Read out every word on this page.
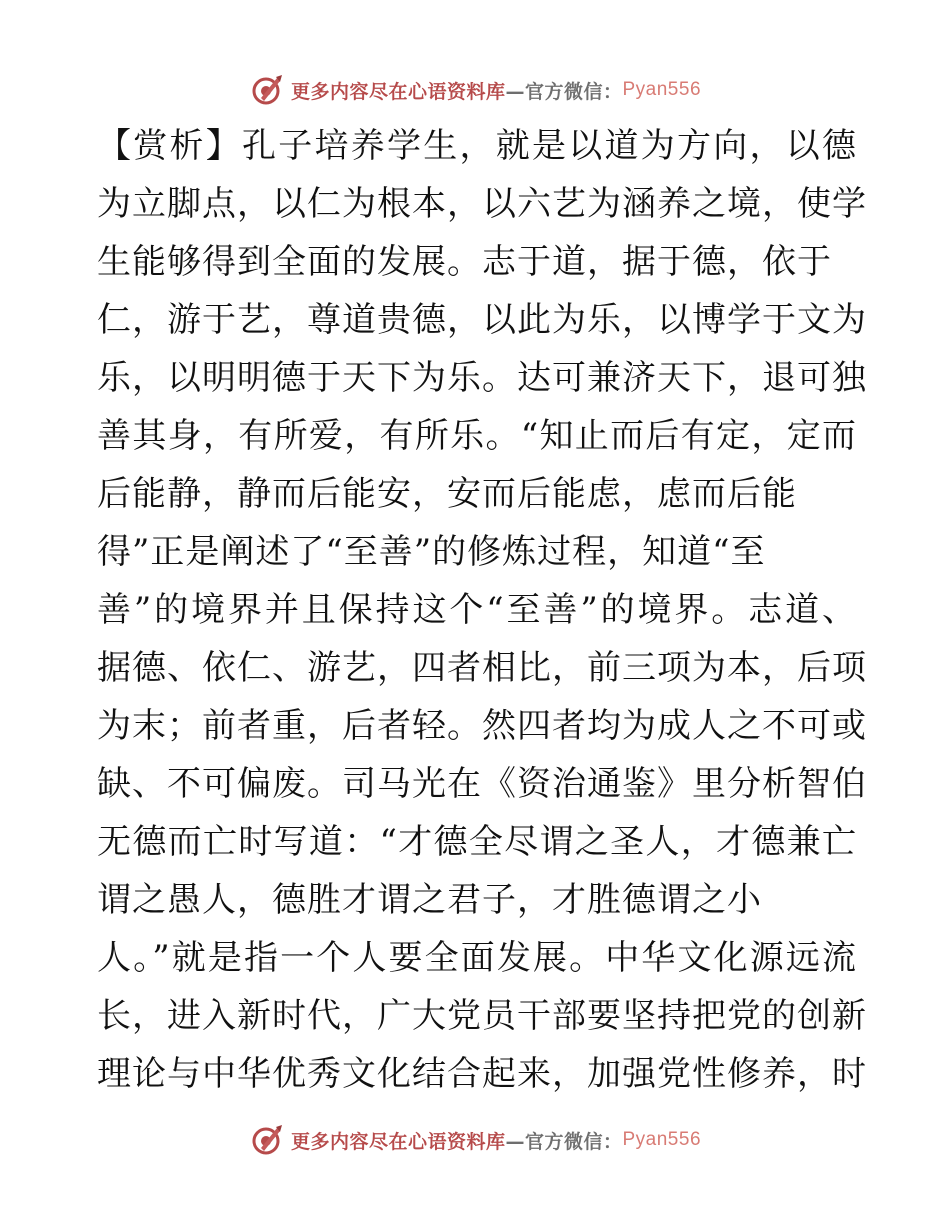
更多内容尽在心语资料库 —官方微信： Pyan556
【赏析】孔子培养学生，就是以道为方向，以德
为立脚点，以仁为根本，以六艺为涵养之境，使学
生能够得到全面的发展。志于道，据于德，依于
仁，游于艺，尊道贵德，以此为乐，以博学于文为
乐，以明明德于天下为乐。达可兼济天下，退可独
善其身，有所爱，有所乐。“知止而后有定，定而
后能静，静而后能安，安而后能虑，虑而后能
得”正是阐述了“至善”的修炼过程，知道“至
善”的境界并且保持这个“至善”的境界。志道、
据德、依仁、游艺，四者相比，前三项为本，后项
为末；前者重，后者轻。然四者均为成人之不可或
缺、不可偏废。司马光在《资治通鉴》里分析智伯
无德而亡时写道：“才德全尽谓之圣人，才德兼亡
谓之愚人，德胜才谓之君子，才胜德谓之小
人。”就是指一个人要全面发展。中华文化源远流
长，进入新时代，广大党员干部要坚持把党的创新
理论与中华优秀文化结合起来，加强党性修养，时
更多内容尽在心语资料库 —官方微信： Pyan556
